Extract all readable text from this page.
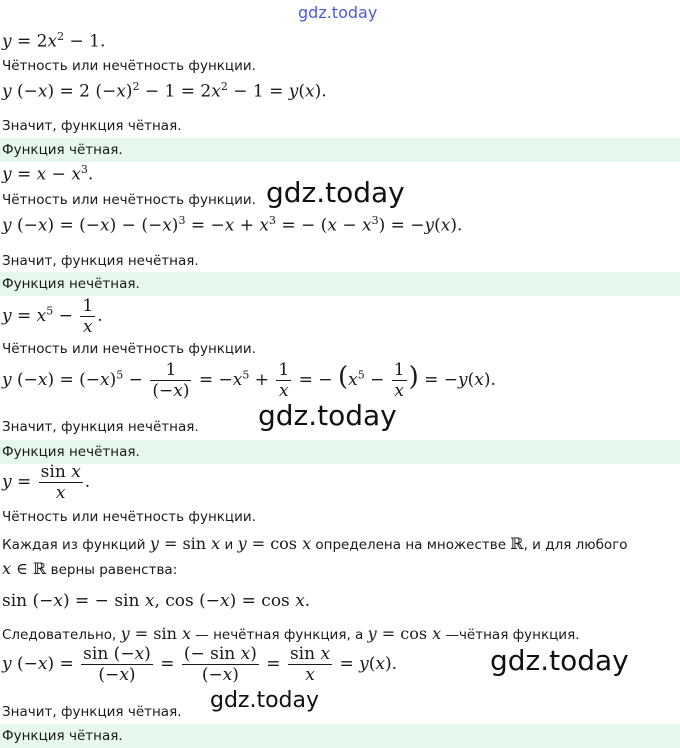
gdz.today
$y = 2x^2 - 1$.
Чётность или нечётность функции.
y (−x) = 2 $(-x)^2 - 1 = 2x^2 - 1 = y(x)$.
Значит, функция чётная.
Функция чётная.
$y = x - x^3$.
Чётность или нечётность функции.
y $(-x) = (-x) - (-x)^3 = -x + x^3$ = − $(x - x^3) = -y(x)$.
Значит, функция нечётная.
Функция нечётная.
$y = x^5 - \frac{1}{x}$ .
Чётность или нечётность функции.
y $(-x) = (-x)^5 - \frac{1}{(-x)} = -x^5 + \frac{1}{x}$ = − ($x^5 - \frac{1}{x}$ ) = −y(x).
Значит, функция нечётная.
Функция нечётная.
$y = \frac{\text{sin x}}{x}$ .
Чётность или нечётность функции.
Каждая из функций y = sin x и y = cos x определена на множестве ℝ, и для любого
x ∈ ℝ верны равенства:
sin (−x) = − sin x, cos (−x) = cos x.
Следовательно, y = sin x — нечётная функция, а y = cos x —чётная функция.
y $(-x) = \frac{\sin (-x)}{(-x)} = \frac{\text{(− sin x)}}{(-x)} = \frac{\text{sin x}}{x} = y(x)$.
Значит, функция чётная.
Функция чётная.
gdz.today
gdz.today
gdz.today
gdz.today
